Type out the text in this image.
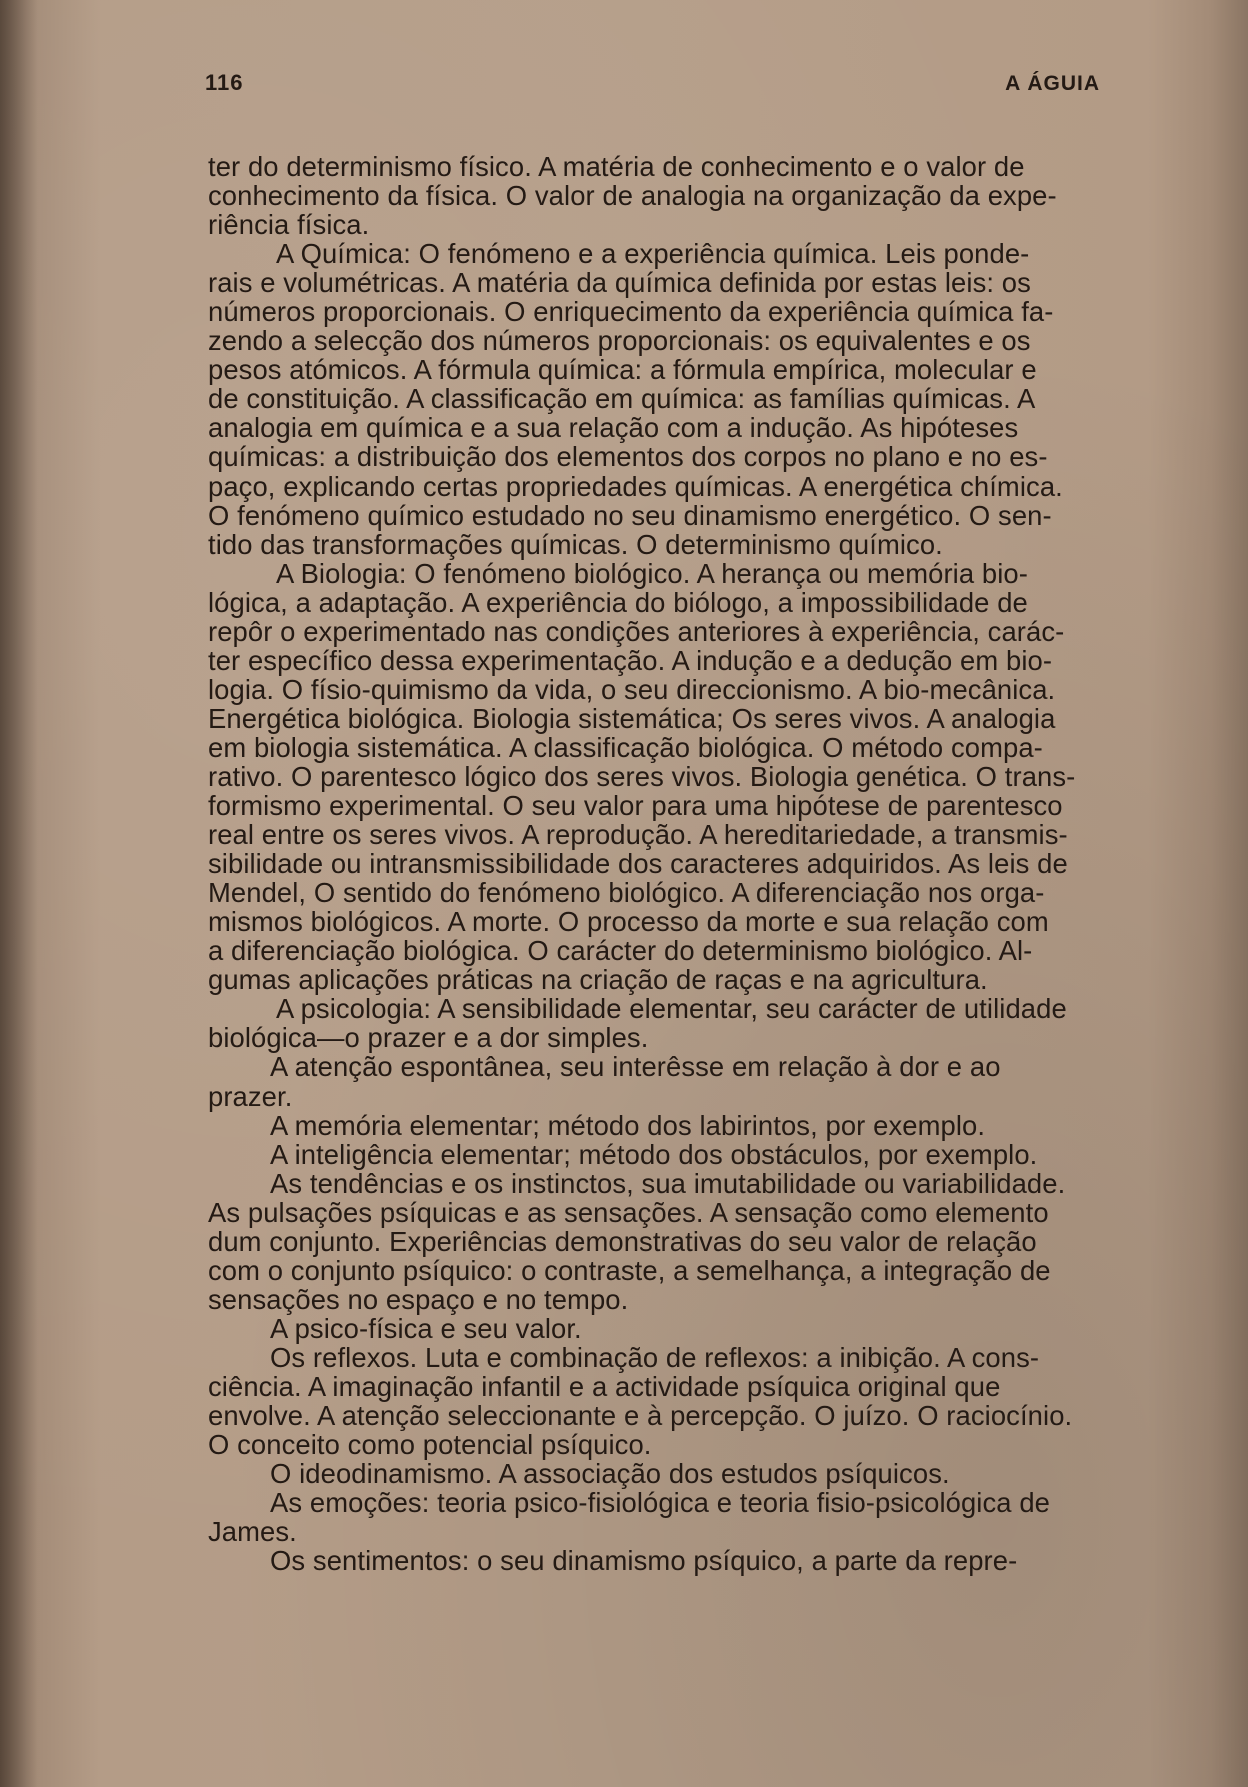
116	A ÁGUIA
ter do determinismo físico. A matéria de conhecimento e o valor de
conhecimento da física. O valor de analogia na organização da expe-
riência física.
A Química: O fenómeno e a experiência química. Leis ponde-
rais e volumétricas. A matéria da química definida por estas leis: os
números proporcionais. O enriquecimento da experiência química fa-
zendo a selecção dos números proporcionais: os equivalentes e os
pesos atómicos. A fórmula química: a fórmula empírica, molecular e
de constituição. A classificação em química: as famílias químicas. A
analogia em química e a sua relação com a indução. As hipóteses
químicas: a distribuição dos elementos dos corpos no plano e no es-
paço, explicando certas propriedades químicas. A energética chímica.
O fenómeno químico estudado no seu dinamismo energético. O sen-
tido das transformações químicas. O determinismo químico.
A Biologia: O fenómeno biológico. A herança ou memória bio-
lógica, a adaptação. A experiência do biólogo, a impossibilidade de
repôr o experimentado nas condições anteriores à experiência, carác-
ter específico dessa experimentação. A indução e a dedução em bio-
logia. O físio-quimismo da vida, o seu direccionismo. A bio-mecânica.
Energética biológica. Biologia sistemática; Os seres vivos. A analogia
em biologia sistemática. A classificação biológica. O método compa-
rativo. O parentesco lógico dos seres vivos. Biologia genética. O trans-
formismo experimental. O seu valor para uma hipótese de parentesco
real entre os seres vivos. A reprodução. A hereditariedade, a transmis-
sibilidade ou intransmissibilidade dos caracteres adquiridos. As leis de
Mendel, O sentido do fenómeno biológico. A diferenciação nos orga-
mismos biológicos. A morte. O processo da morte e sua relação com
a diferenciação biológica. O carácter do determinismo biológico. Al-
gumas aplicações práticas na criação de raças e na agricultura.
A psicologia: A sensibilidade elementar, seu carácter de utilidade
biológica—o prazer e a dor simples.
A atenção espontânea, seu interêsse em relação à dor e ao
prazer.
A memória elementar; método dos labirintos, por exemplo.
A inteligência elementar; método dos obstáculos, por exemplo.
As tendências e os instinctos, sua imutabilidade ou variabilidade.
As pulsações psíquicas e as sensações. A sensação como elemento
dum conjunto. Experiências demonstrativas do seu valor de relação
com o conjunto psíquico: o contraste, a semelhança, a integração de
sensações no espaço e no tempo.
A psico-física e seu valor.
Os reflexos. Luta e combinação de reflexos: a inibição. A cons-
ciência. A imaginação infantil e a actividade psíquica original que
envolve. A atenção seleccionante e à percepção. O juízo. O raciocínio.
O conceito como potencial psíquico.
O ideodinamismo. A associação dos estudos psíquicos.
As emoções: teoria psico-fisiológica e teoria fisio-psicológica de
James.
Os sentimentos: o seu dinamismo psíquico, a parte da repre-
